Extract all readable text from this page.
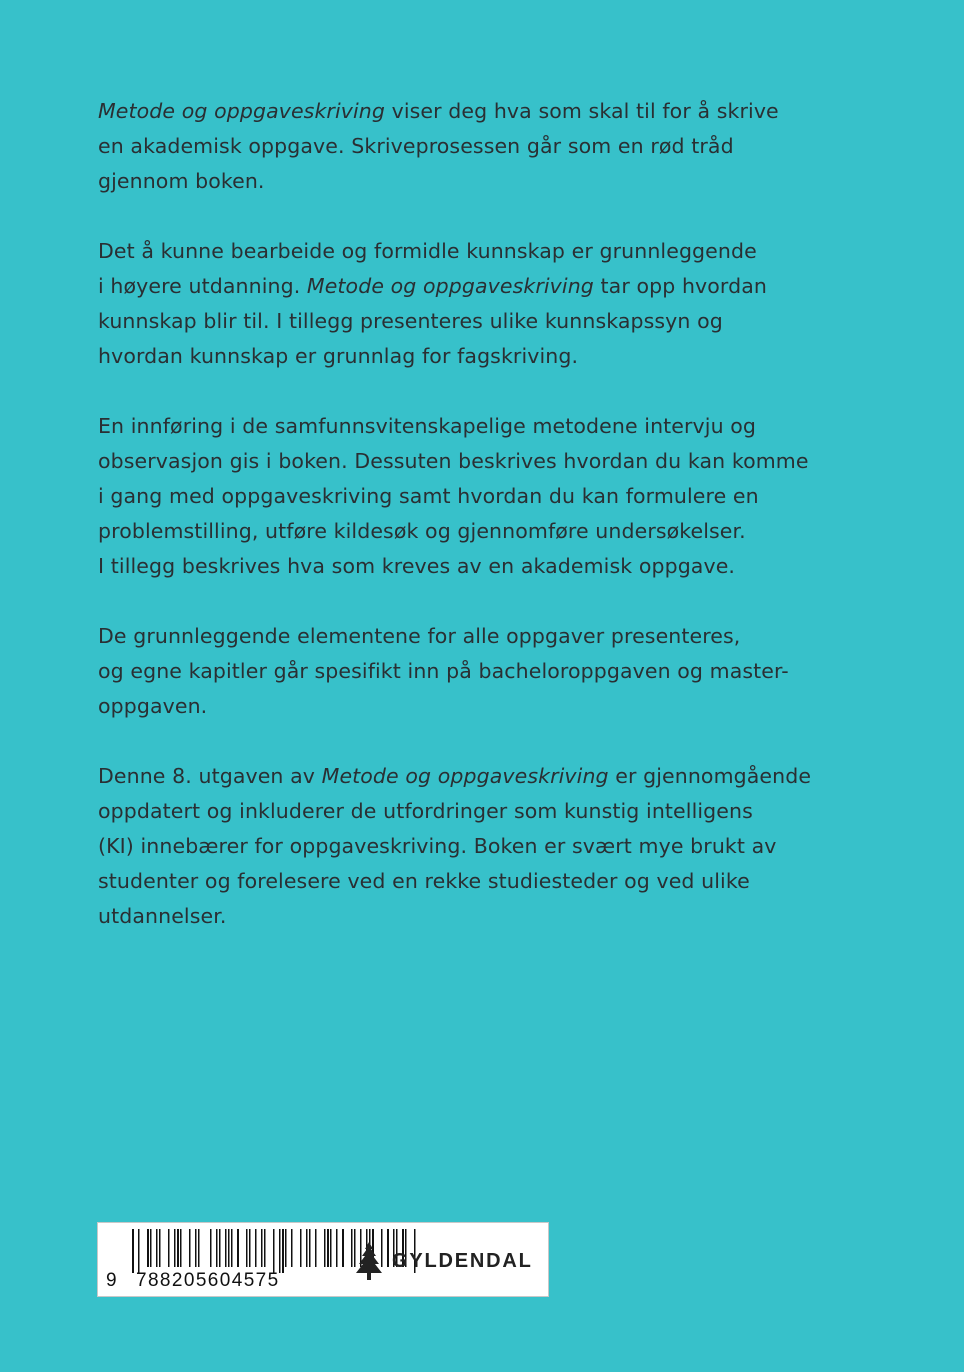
Metode og oppgaveskriving viser deg hva som skal til for å skrive
en akademisk oppgave. Skriveprosessen går som en rød tråd
gjennom boken.

Det å kunne bearbeide og formidle kunnskap er grunnleggende
i høyere utdanning. Metode og oppgaveskriving tar opp hvordan
kunnskap blir til. I tillegg presenteres ulike kunnskapssyn og
hvordan kunnskap er grunnlag for fagskriving.

En innføring i de samfunnsvitenskapelige metodene intervju og
observasjon gis i boken. Dessuten beskrives hvordan du kan komme
i gang med oppgaveskriving samt hvordan du kan formulere en
problemstilling, utføre kildesøk og gjennomføre undersøkelser.
I tillegg beskrives hva som kreves av en akademisk oppgave.

De grunnleggende elementene for alle oppgaver presenteres,
og egne kapitler går spesifikt inn på bacheloroppgaven og master-
oppgaven.

Denne 8. utgaven av Metode og oppgaveskriving er gjennomgående
oppdatert og inkluderer de utfordringer som kunstig intelligens
(KI) innebærer for oppgaveskriving. Boken er svært mye brukt av
studenter og forelesere ved en rekke studiesteder og ved ulike
utdannelser.

9 788205604575
GYLDENDAL
